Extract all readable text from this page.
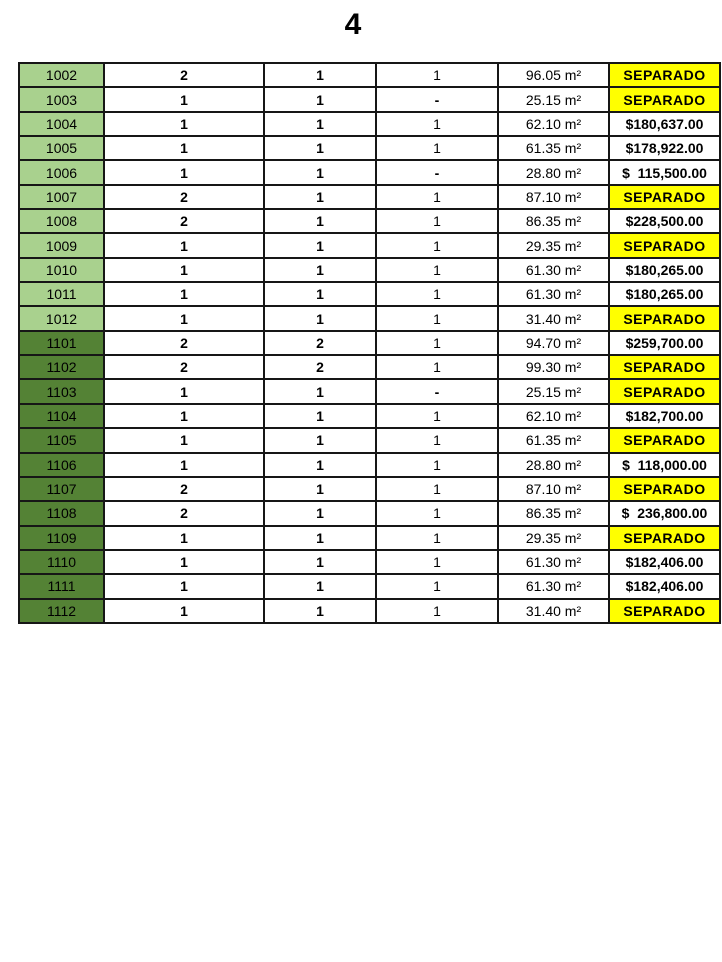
4
1002	2	1	1	96.05 m²	SEPARADO
1003	1	1	-	25.15 m²	SEPARADO
1004	1	1	1	62.10 m²	$180,637.00
1005	1	1	1	61.35 m²	$178,922.00
1006	1	1	-	28.80 m²	$  115,500.00
1007	2	1	1	87.10 m²	SEPARADO
1008	2	1	1	86.35 m²	$228,500.00
1009	1	1	1	29.35 m²	SEPARADO
1010	1	1	1	61.30 m²	$180,265.00
1011	1	1	1	61.30 m²	$180,265.00
1012	1	1	1	31.40 m²	SEPARADO
1101	2	2	1	94.70 m²	$259,700.00
1102	2	2	1	99.30 m²	SEPARADO
1103	1	1	-	25.15 m²	SEPARADO
1104	1	1	1	62.10 m²	$182,700.00
1105	1	1	1	61.35 m²	SEPARADO
1106	1	1	1	28.80 m²	$  118,000.00
1107	2	1	1	87.10 m²	SEPARADO
1108	2	1	1	86.35 m²	$  236,800.00
1109	1	1	1	29.35 m²	SEPARADO
1110	1	1	1	61.30 m²	$182,406.00
1111	1	1	1	61.30 m²	$182,406.00
1112	1	1	1	31.40 m²	SEPARADO
